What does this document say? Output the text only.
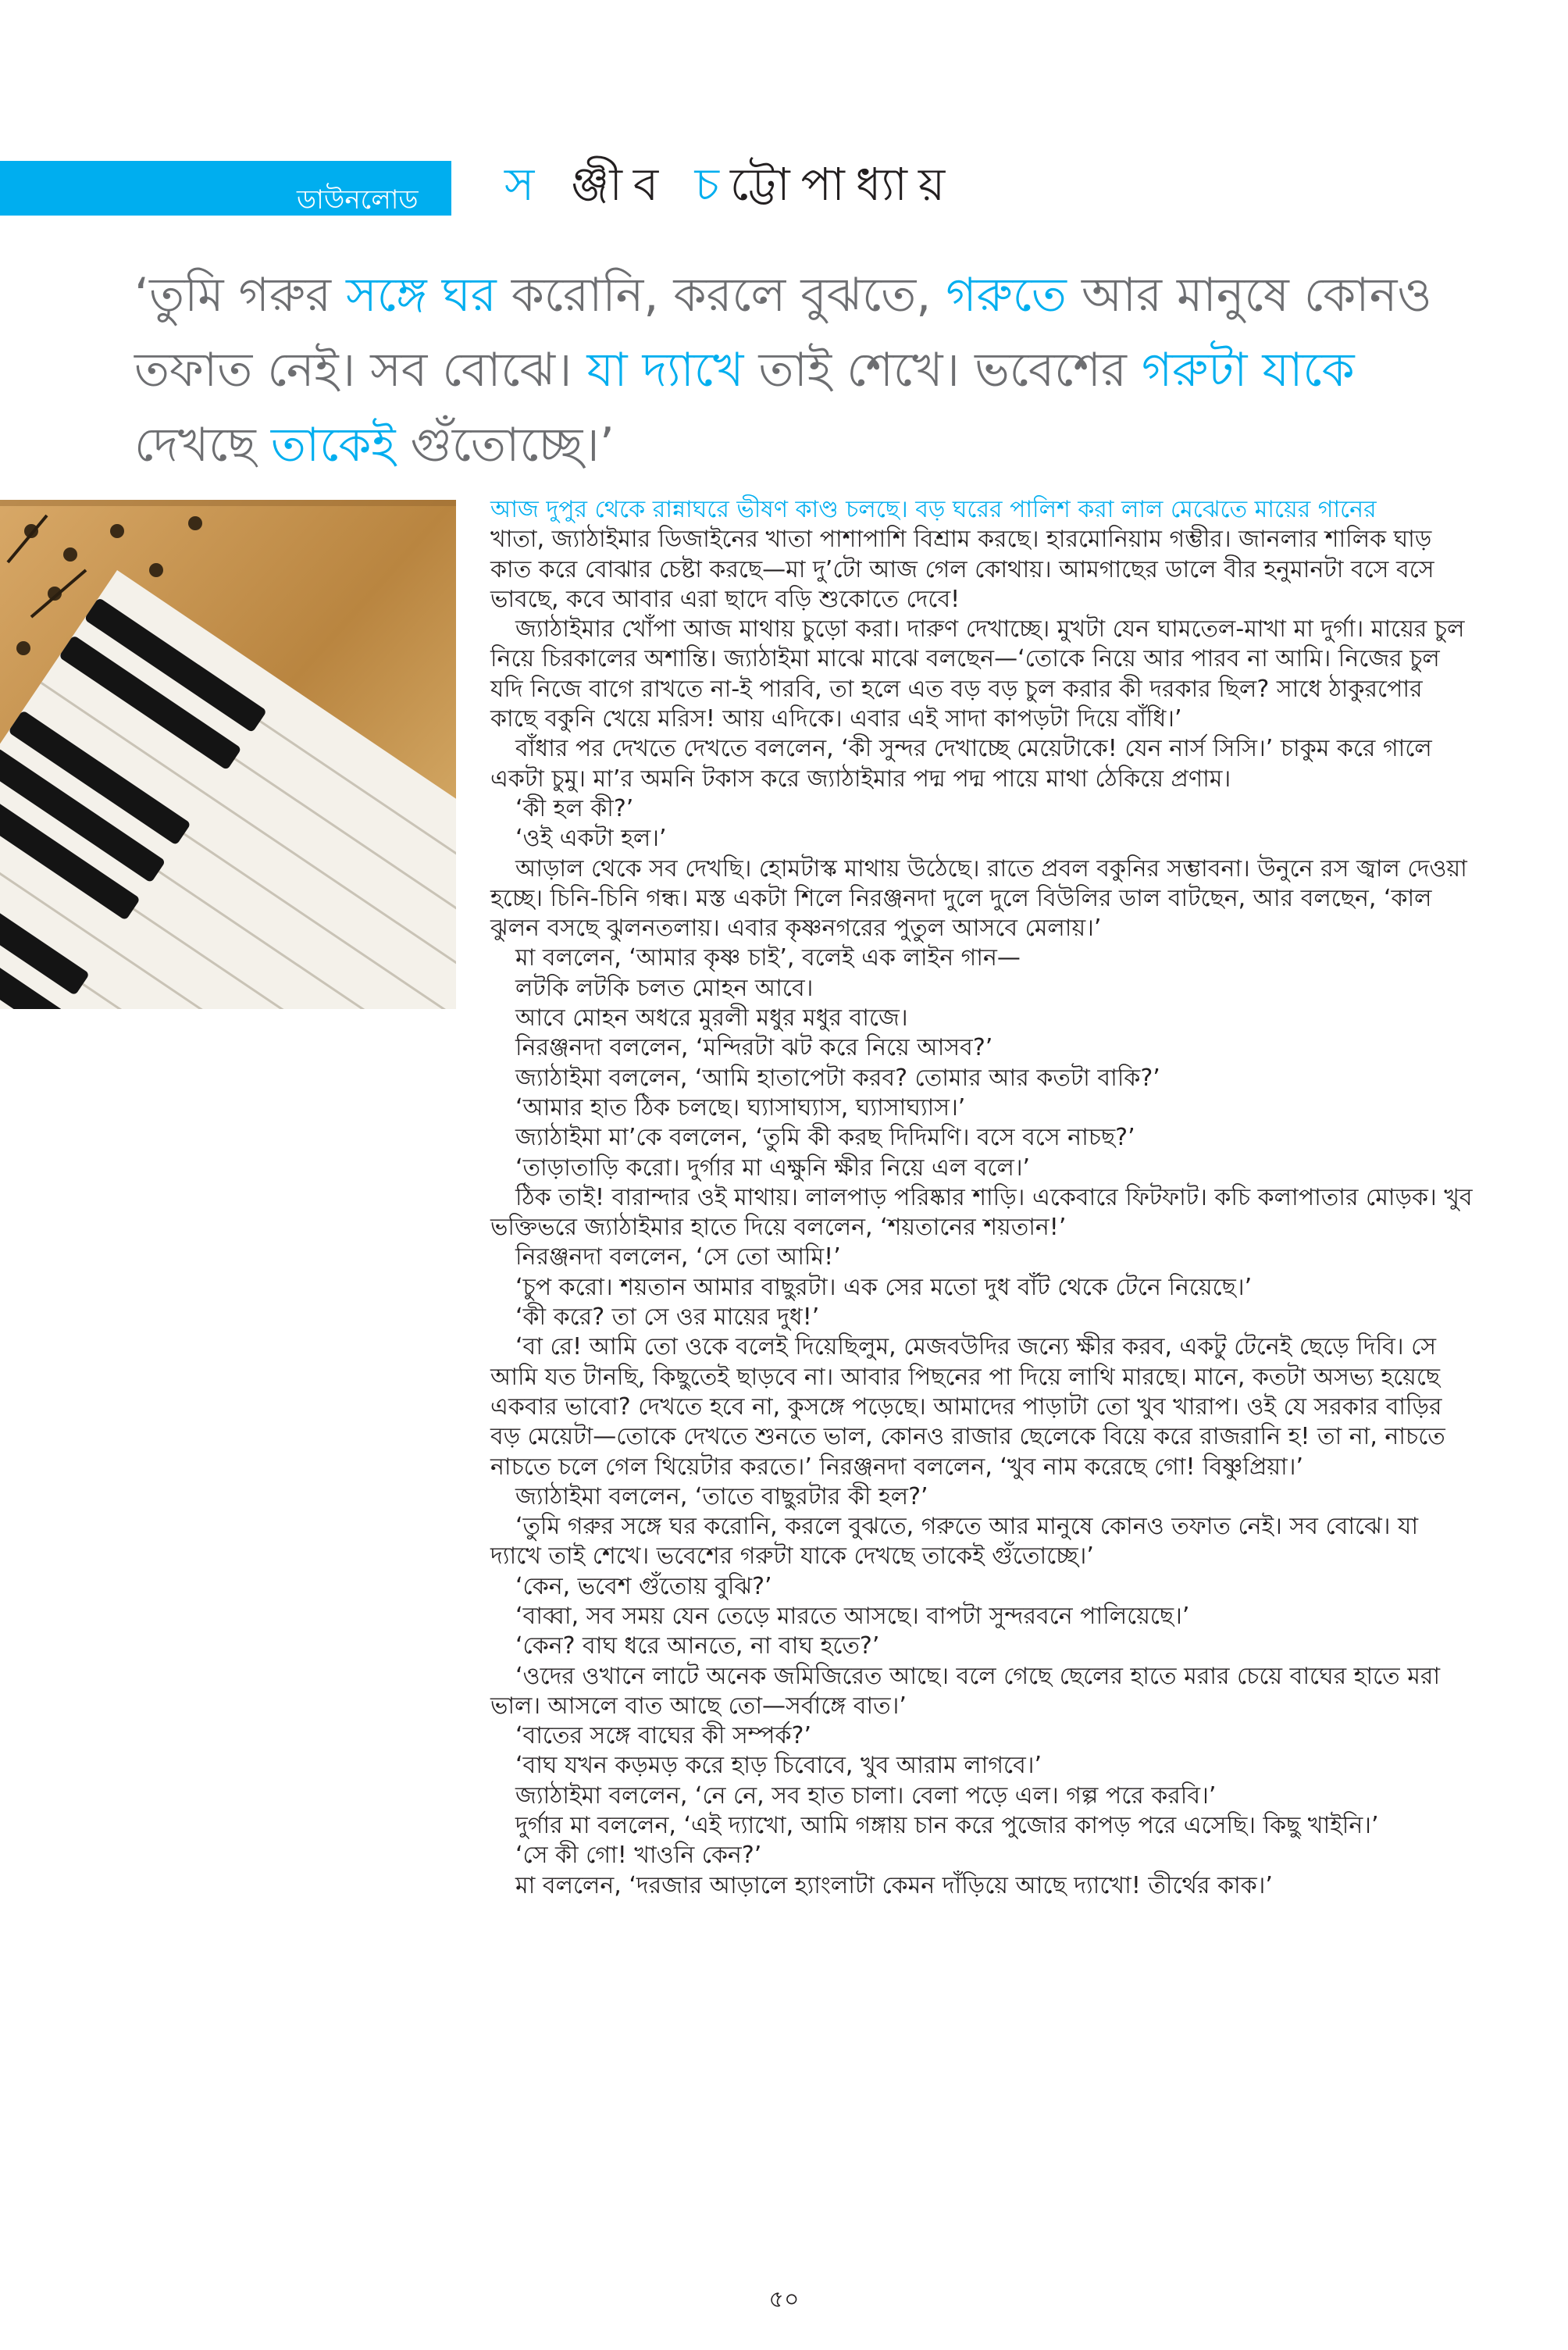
ডাউনলোড স ঞ্জীব চট্টোপাধ্যায়

‘তুমি গরুর সঙ্গে ঘর করোনি, করলে বুঝতে, গরুতে আর মানুষে কোনও তফাত নেই। সব বোঝে। যা দ্যাখে তাই শেখে। ভবেশের গরুটা যাকে দেখছে তাকেই গুঁতোচ্ছে।’

আজ দুপুর থেকে রান্নাঘরে ভীষণ কাণ্ড চলছে। বড় ঘরের পালিশ করা লাল মেঝেতে মায়ের গানের

খাতা, জ্যাঠাইমার ডিজাইনের খাতা পাশাপাশি বিশ্রাম করছে। হারমোনিয়াম গম্ভীর। জানলার শালিক ঘাড় কাত করে বোঝার চেষ্টা করছে—মা দু’টো আজ গেল কোথায়। আমগাছের ডালে বীর হনুমানটা বসে বসে ভাবছে, কবে আবার এরা ছাদে বড়ি শুকোতে দেবে!

জ্যাঠাইমার খোঁপা আজ মাথায় চুড়ো করা। দারুণ দেখাচ্ছে। মুখটা যেন ঘামতেল-মাখা মা দুর্গা। মায়ের চুল নিয়ে চিরকালের অশান্তি। জ্যাঠাইমা মাঝে মাঝে বলছেন—‘তোকে নিয়ে আর পারব না আমি। নিজের চুল যদি নিজে বাগে রাখতে না-ই পারবি, তা হলে এত বড় বড় চুল করার কী দরকার ছিল? সাধে ঠাকুরপোর কাছে বকুনি খেয়ে মরিস! আয় এদিকে। এবার এই সাদা কাপড়টা দিয়ে বাঁধি।’

বাঁধার পর দেখতে দেখতে বললেন, ‘কী সুন্দর দেখাচ্ছে মেয়েটাকে! যেন নার্স সিসি।’ চাকুম করে গালে একটা চুমু। মা’র অমনি টকাস করে জ্যাঠাইমার পদ্ম পদ্ম পায়ে মাথা ঠেকিয়ে প্রণাম।

‘কী হল কী?’

‘ওই একটা হল।’

আড়াল থেকে সব দেখছি। হোমটাস্ক মাথায় উঠেছে। রাতে প্রবল বকুনির সম্ভাবনা। উনুনে রস জ্বাল দেওয়া হচ্ছে। চিনি-চিনি গন্ধ। মস্ত একটা শিলে নিরঞ্জনদা দুলে দুলে বিউলির ডাল বাটছেন, আর বলছেন, ‘কাল ঝুলন বসছে ঝুলনতলায়। এবার কৃষ্ণনগরের পুতুল আসবে মেলায়।’

মা বললেন, ‘আমার কৃষ্ণ চাই’, বলেই এক লাইন গান—

লটকি লটকি চলত মোহন আবে।

আবে মোহন অধরে মুরলী মধুর মধুর বাজে।

নিরঞ্জনদা বললেন, ‘মন্দিরটা ঝট করে নিয়ে আসব?’

জ্যাঠাইমা বললেন, ‘আমি হাতাপেটা করব? তোমার আর কতটা বাকি?’

‘আমার হাত ঠিক চলছে। ঘ্যাসাঘ্যাস, ঘ্যাসাঘ্যাস।’

জ্যাঠাইমা মা’কে বললেন, ‘তুমি কী করছ দিদিমণি। বসে বসে নাচছ?’

‘তাড়াতাড়ি করো। দুর্গার মা এক্ষুনি ক্ষীর নিয়ে এল বলে।’

ঠিক তাই! বারান্দার ওই মাথায়। লালপাড় পরিষ্কার শাড়ি। একেবারে ফিটফাট। কচি কলাপাতার মোড়ক। খুব ভক্তিভরে জ্যাঠাইমার হাতে দিয়ে বললেন, ‘শয়তানের শয়তান!’

নিরঞ্জনদা বললেন, ‘সে তো আমি!’

‘চুপ করো। শয়তান আমার বাছুরটা। এক সের মতো দুধ বাঁট থেকে টেনে নিয়েছে।’

‘কী করে? তা সে ওর মায়ের দুধ!’

‘বা রে! আমি তো ওকে বলেই দিয়েছিলুম, মেজবউদির জন্যে ক্ষীর করব, একটু টেনেই ছেড়ে দিবি। সে আমি যত টানছি, কিছুতেই ছাড়বে না। আবার পিছনের পা দিয়ে লাথি মারছে। মানে, কতটা অসভ্য হয়েছে একবার ভাবো? দেখতে হবে না, কুসঙ্গে পড়েছে। আমাদের পাড়াটা তো খুব খারাপ। ওই যে সরকার বাড়ির বড় মেয়েটা—তোকে দেখতে শুনতে ভাল, কোনও রাজার ছেলেকে বিয়ে করে রাজরানি হ! তা না, নাচতে নাচতে চলে গেল থিয়েটার করতে।’ নিরঞ্জনদা বললেন, ‘খুব নাম করেছে গো! বিষ্ণুপ্রিয়া।’

জ্যাঠাইমা বললেন, ‘তাতে বাছুরটার কী হল?’

‘তুমি গরুর সঙ্গে ঘর করোনি, করলে বুঝতে, গরুতে আর মানুষে কোনও তফাত নেই। সব বোঝে। যা দ্যাখে তাই শেখে। ভবেশের গরুটা যাকে দেখছে তাকেই গুঁতোচ্ছে।’

‘কেন, ভবেশ গুঁতোয় বুঝি?’

‘বাব্বা, সব সময় যেন তেড়ে মারতে আসছে। বাপটা সুন্দরবনে পালিয়েছে।’

‘কেন? বাঘ ধরে আনতে, না বাঘ হতে?’

‘ওদের ওখানে লাটে অনেক জমিজিরেত আছে। বলে গেছে ছেলের হাতে মরার চেয়ে বাঘের হাতে মরা ভাল। আসলে বাত আছে তো—সর্বাঙ্গে বাত।’

‘বাতের সঙ্গে বাঘের কী সম্পর্ক?’

‘বাঘ যখন কড়মড় করে হাড় চিবোবে, খুব আরাম লাগবে।’

জ্যাঠাইমা বললেন, ‘নে নে, সব হাত চালা। বেলা পড়ে এল। গল্প পরে করবি।’

দুর্গার মা বললেন, ‘এই দ্যাখো, আমি গঙ্গায় চান করে পুজোর কাপড় পরে এসেছি। কিছু খাইনি।’

‘সে কী গো! খাওনি কেন?’

মা বললেন, ‘দরজার আড়ালে হ্যাংলাটা কেমন দাঁড়িয়ে আছে দ্যাখো! তীর্থের কাক।’

৫০
